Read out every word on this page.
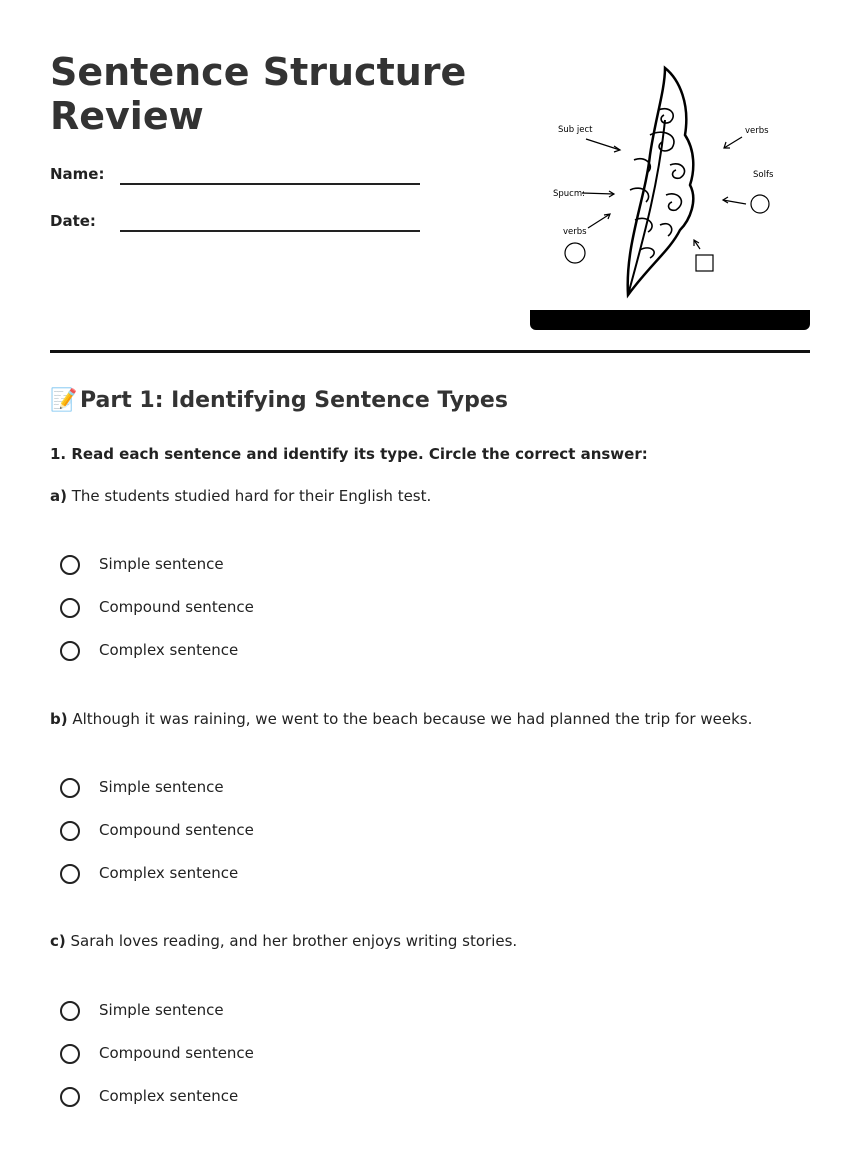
Sentence Structure Review
Name:
Date:
Sub ject	verbs
Solfs
Spucm:
verbs
📝 Part 1: Identifying Sentence Types
1. Read each sentence and identify its type. Circle the correct answer:
a) The students studied hard for their English test.
Simple sentence
Compound sentence
Complex sentence
b) Although it was raining, we went to the beach because we had planned the trip for weeks.
Simple sentence
Compound sentence
Complex sentence
c) Sarah loves reading, and her brother enjoys writing stories.
Simple sentence
Compound sentence
Complex sentence
